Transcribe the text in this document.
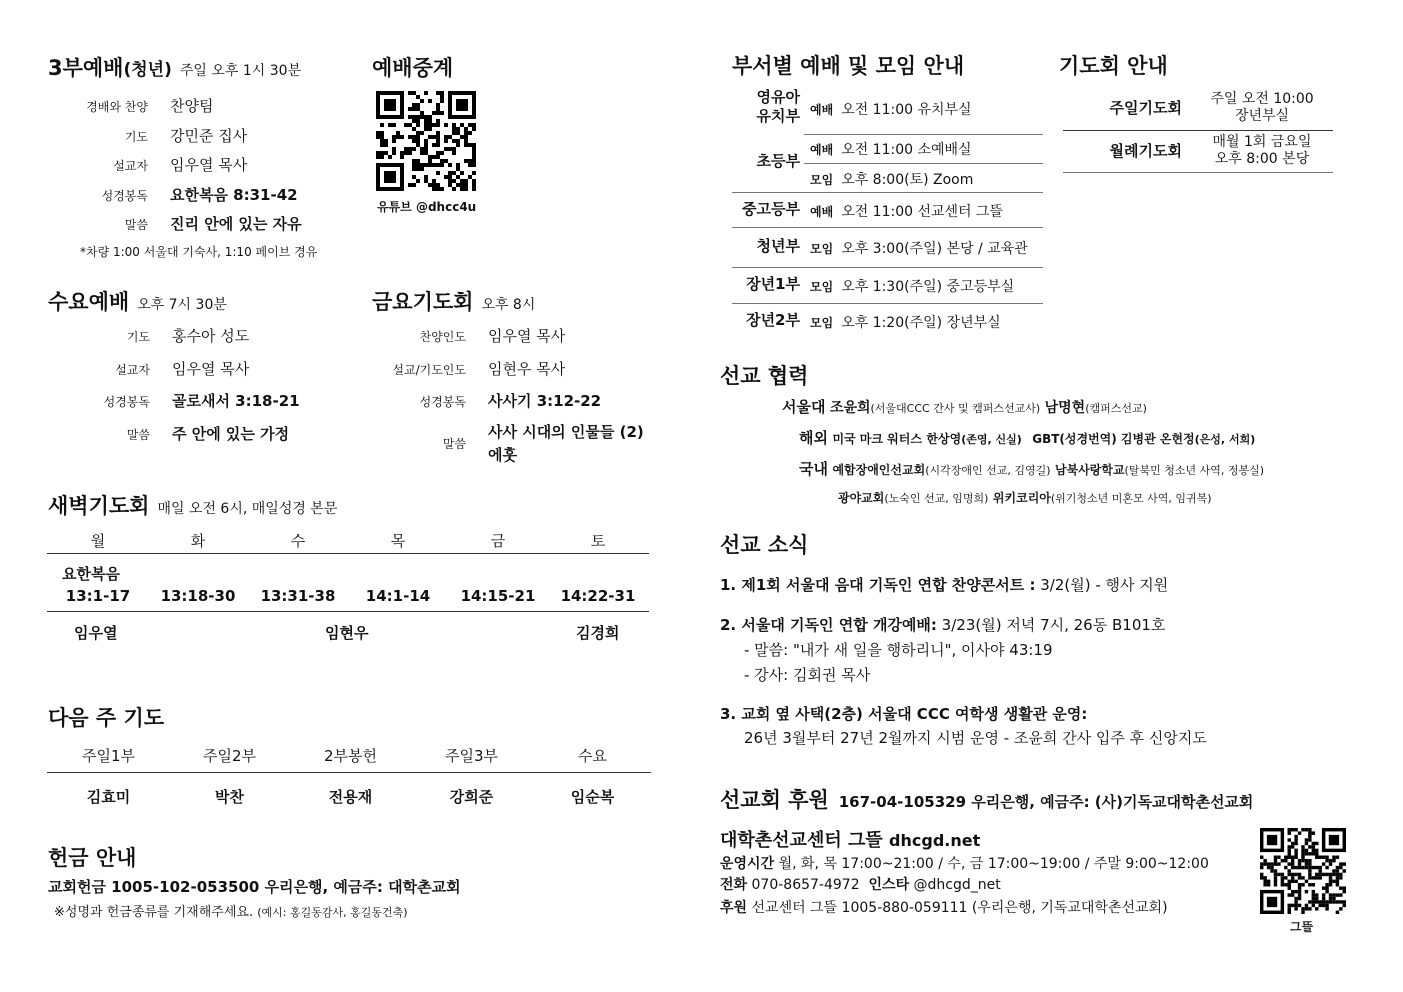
3부예배(청년) 주일 오후 1시 30분
경배와 찬양 찬양팀
기도 강민준 집사
설교자 임우열 목사
성경봉독 요한복음 8:31-42
말씀 진리 안에 있는 자유
*차량 1:00 서울대 기숙사, 1:10 페이브 경유
예배중계
유튜브 @dhcc4u
수요예배 오후 7시 30분
기도 홍수아 성도
설교자 임우열 목사
성경봉독 골로새서 3:18-21
말씀 주 안에 있는 가정
금요기도회 오후 8시
찬양인도 임우열 목사
설교/기도인도 임현우 목사
성경봉독 사사기 3:12-22
말씀
사사 시대의 인물들 (2)
에훗
새벽기도회 매일 오전 6시, 매일성경 본문
월	화	수	목	금	토
요한복음
13:1-17	13:18-30	13:31-38	14:1-14	14:15-21	14:22-31
임우열	임현우	김경희
다음 주 기도
주일1부	주일2부	2부봉헌	주일3부	수요
김효미	박찬	전용재	강희준	임순복
헌금 안내
교회헌금 1005-102-053500 우리은행, 예금주: 대학촌교회
※성명과 헌금종류를 기재해주세요. (예시: 홍길동감사, 홍길동건축)
부서별 예배 및 모임 안내
영유아
유치부 예배 오전 11:00 유치부실
초등부
예배 오전 11:00 소예배실
모임 오후 8:00(토) Zoom
중고등부 예배 오전 11:00 선교센터 그뜰
청년부 모임 오후 3:00(주일) 본당 / 교육관
장년1부 모임 오후 1:30(주일) 중고등부실
장년2부 모임 오후 1:20(주일) 장년부실
기도회 안내
주일기도회	주일 오전 10:00
장년부실
월례기도회	매월 1회 금요일
오후 8:00 본당
선교 협력
서울대 조윤희(서울대CCC 간사 및 캠퍼스선교사) 남명현(캠퍼스선교)
해외 미국 마크 워터스 한상영(존영, 신실) GBT(성경번역) 김병관 온현정(은성, 서희)
국내 예함장애인선교회(시각장애인 선교, 김영길) 남북사랑학교(탈북민 청소년 사역, 정봉실)
광야교회(노숙인 선교, 임명희) 위키코리아(위기청소년 미혼모 사역, 임귀복)
선교 소식
1. 제1회 서울대 음대 기독인 연합 찬양콘서트 : 3/2(월) - 행사 지원
2. 서울대 기독인 연합 개강예배: 3/23(월) 저녁 7시, 26동 B101호
- 말씀: "내가 새 일을 행하리니", 이사야 43:19
- 강사: 김회권 목사
3. 교회 옆 사택(2층) 서울대 CCC 여학생 생활관 운영:
26년 3월부터 27년 2월까지 시범 운영 - 조윤희 간사 입주 후 신앙지도
선교회 후원 167-04-105329 우리은행, 예금주: (사)기독교대학촌선교회
대학촌선교센터 그뜰 dhcgd.net
운영시간 월, 화, 목 17:00~21:00 / 수, 금 17:00~19:00 / 주말 9:00~12:00
전화 070-8657-4972 인스타 @dhcgd_net
후원 선교센터 그뜰 1005-880-059111 (우리은행, 기독교대학촌선교회)
그뜰
